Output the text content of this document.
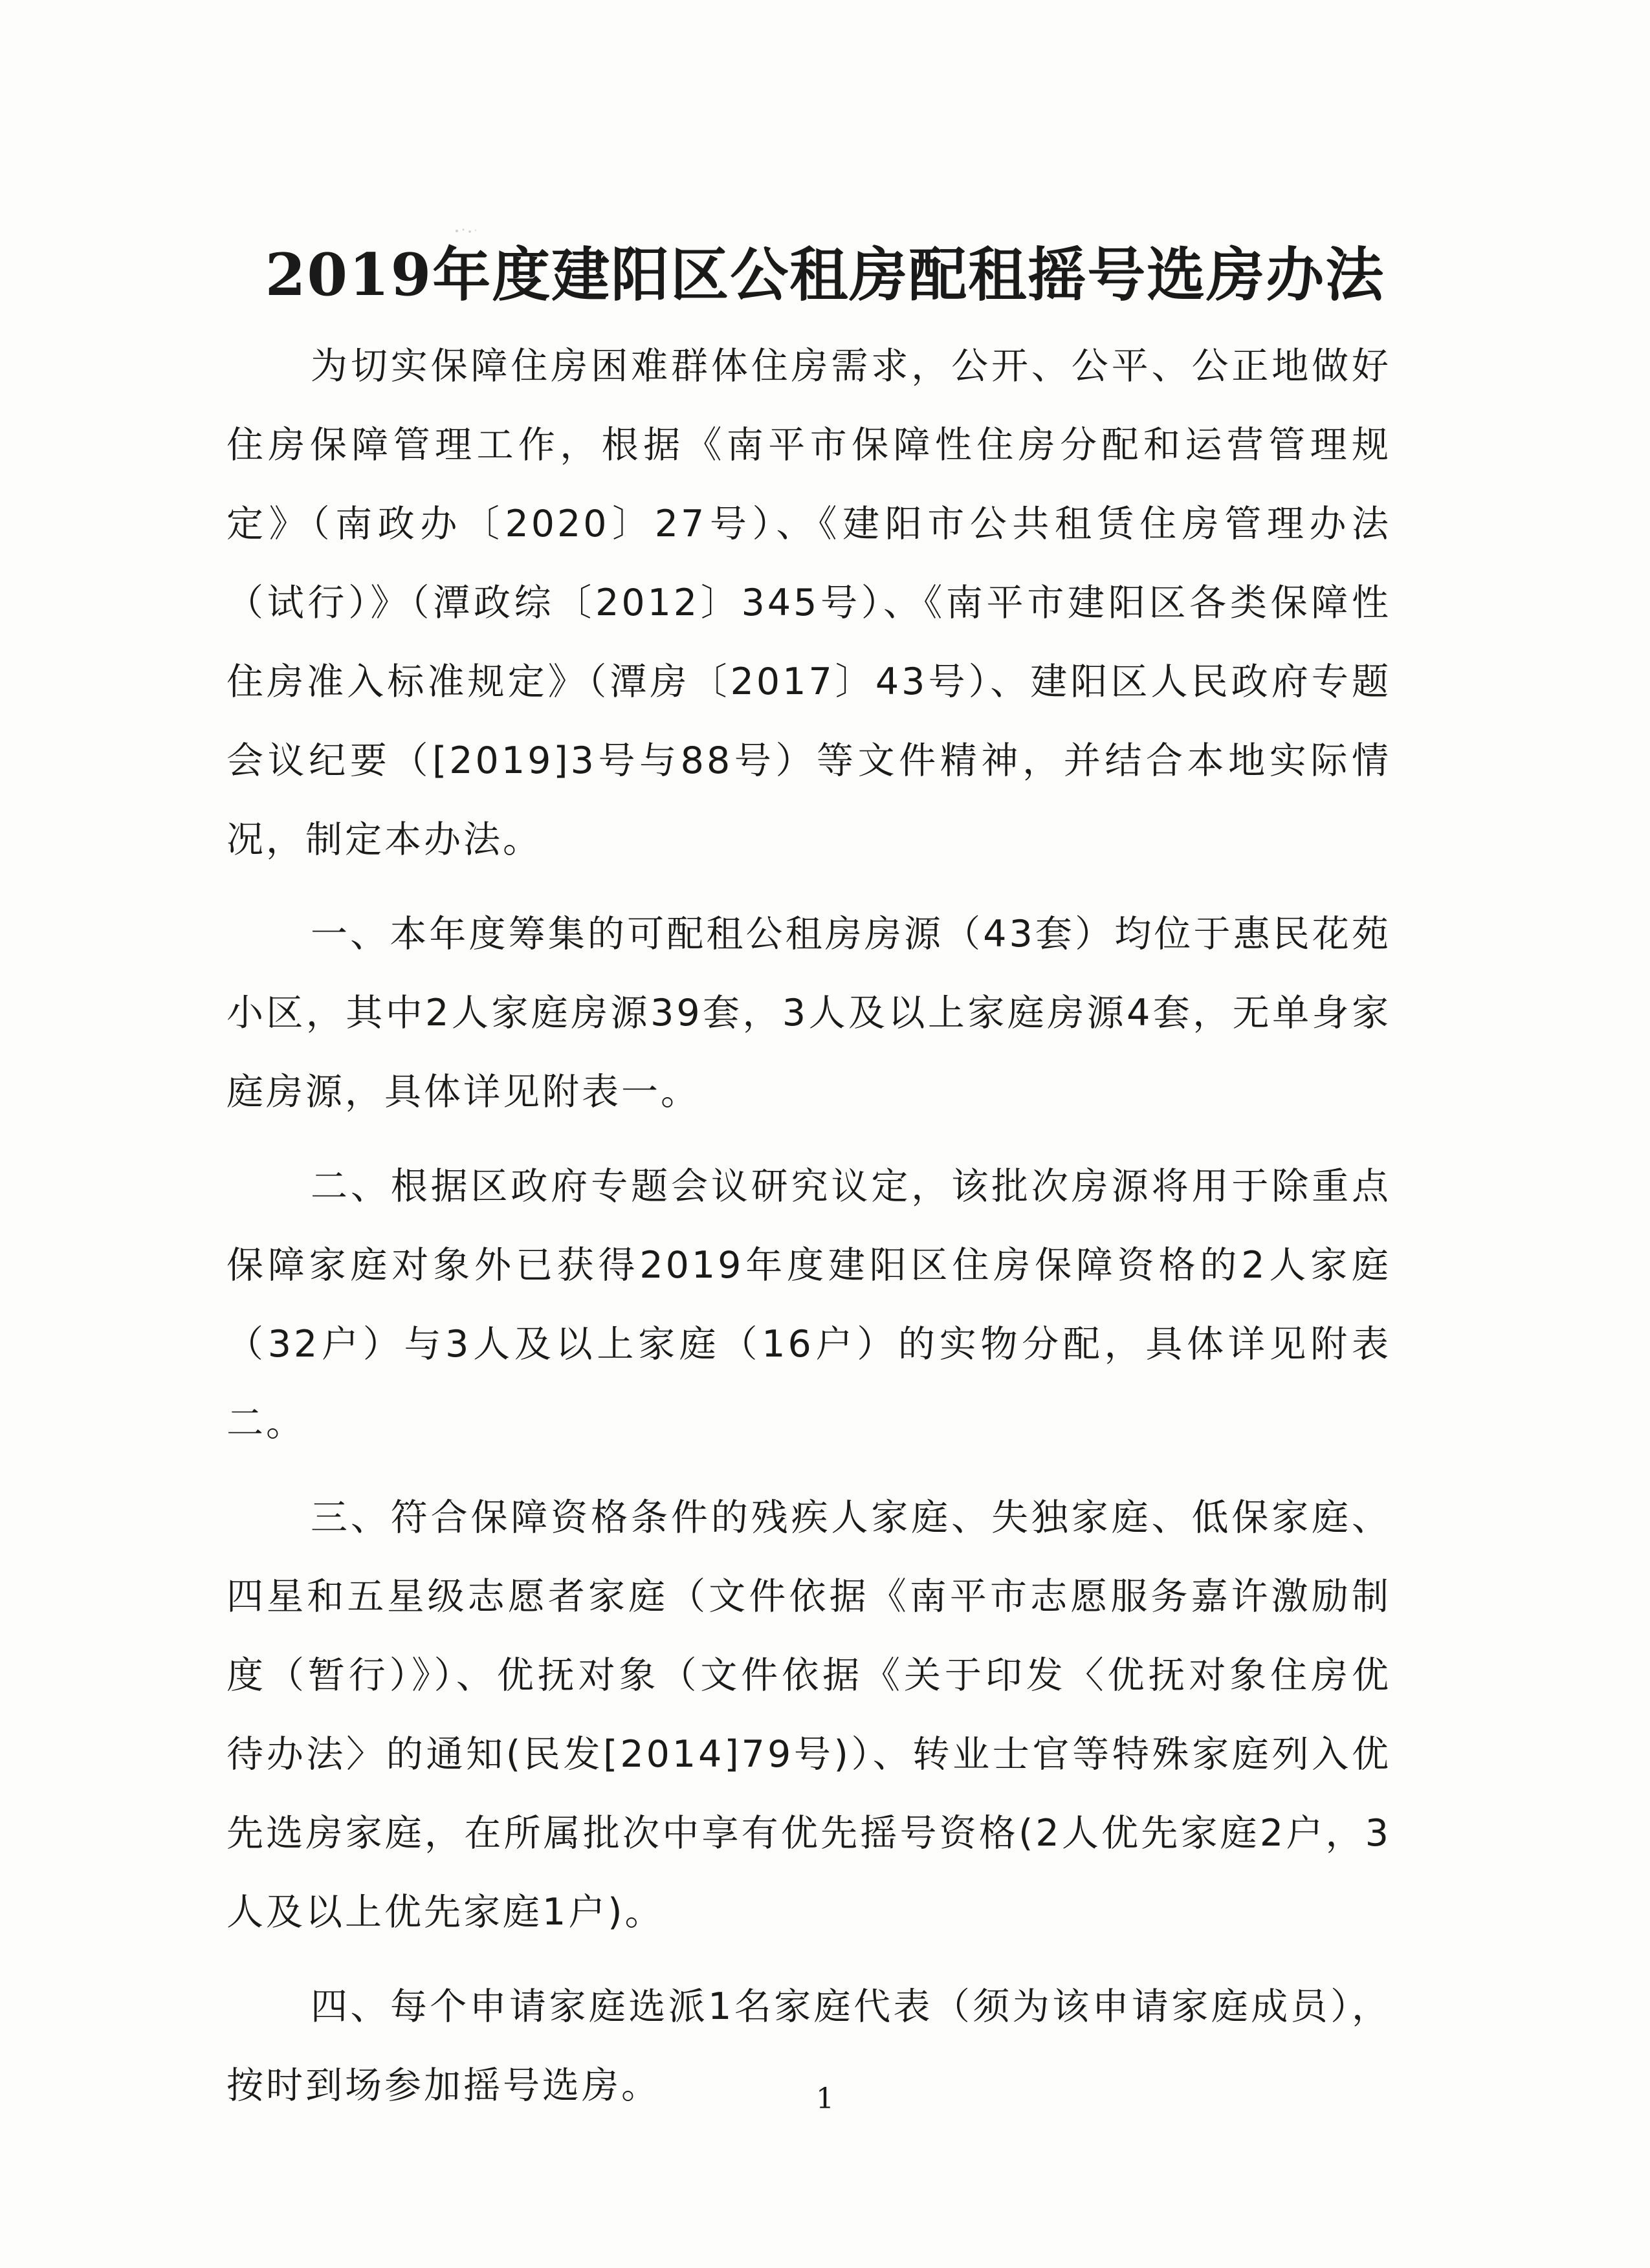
2019年度建阳区公租房配租摇号选房办法

为切实保障住房困难群体住房需求，公开、公平、公正地做好住房保障管理工作，根据《南平市保障性住房分配和运营管理规定》（南政办〔2020〕27号）、《建阳市公共租赁住房管理办法（试行）》（潭政综〔2012〕345号）、《南平市建阳区各类保障性住房准入标准规定》（潭房〔2017〕43号）、建阳区人民政府专题会议纪要（[2019]3号与88号）等文件精神，并结合本地实际情况，制定本办法。

一、本年度筹集的可配租公租房房源（43套）均位于惠民花苑小区，其中2人家庭房源39套，3人及以上家庭房源4套，无单身家庭房源，具体详见附表一。

二、根据区政府专题会议研究议定，该批次房源将用于除重点保障家庭对象外已获得2019年度建阳区住房保障资格的2人家庭（32户）与3人及以上家庭（16户）的实物分配，具体详见附表二。

三、符合保障资格条件的残疾人家庭、失独家庭、低保家庭、四星和五星级志愿者家庭（文件依据《南平市志愿服务嘉许激励制度（暂行）》）、优抚对象（文件依据《关于印发〈优抚对象住房优待办法〉的通知(民发[2014]79号)）、转业士官等特殊家庭列入优先选房家庭，在所属批次中享有优先摇号资格(2人优先家庭2户，3人及以上优先家庭1户)。

四、每个申请家庭选派1名家庭代表（须为该申请家庭成员），按时到场参加摇号选房。	1
